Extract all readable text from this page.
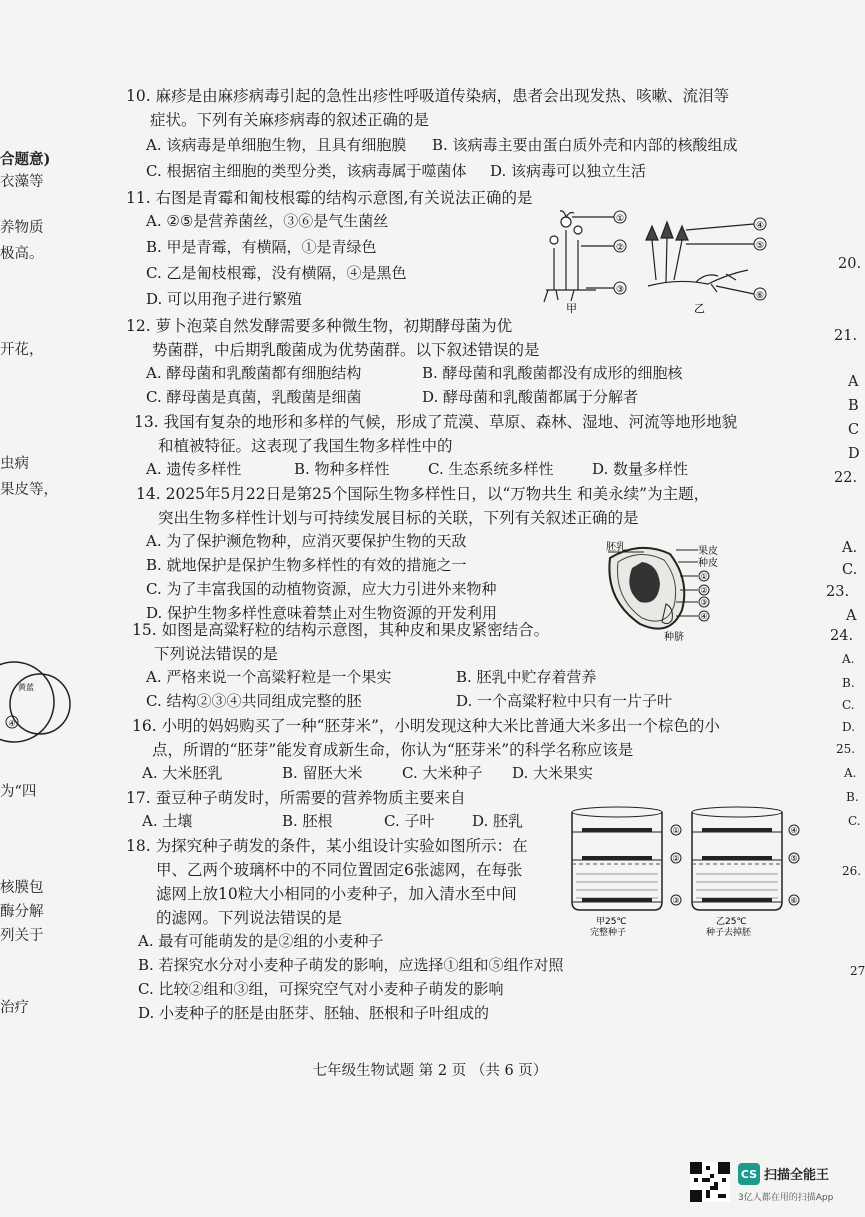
10. 麻疹是由麻疹病毒引起的急性出疹性呼吸道传染病，患者会出现发热、咳嗽、流泪等
症状。下列有关麻疹病毒的叙述正确的是
A. 该病毒是单细胞生物，且具有细胞膜 B. 该病毒主要由蛋白质外壳和内部的核酸组成
C. 根据宿主细胞的类型分类，该病毒属于噬菌体 D. 该病毒可以独立生活
11. 右图是青霉和匍枝根霉的结构示意图,有关说法正确的是
A. ②⑤是营养菌丝，③⑥是气生菌丝
B. 甲是青霉，有横隔，①是青绿色
C. 乙是匍枝根霉，没有横隔，④是黑色
D. 可以用孢子进行繁殖
①
②
③
甲
④
⑤
⑥
乙
12. 萝卜泡菜自然发酵需要多种微生物，初期酵母菌为优
势菌群，中后期乳酸菌成为优势菌群。以下叙述错误的是
A. 酵母菌和乳酸菌都有细胞结构	B. 酵母菌和乳酸菌都没有成形的细胞核
C. 酵母菌是真菌，乳酸菌是细菌	D. 酵母菌和乳酸菌都属于分解者
13. 我国有复杂的地形和多样的气候，形成了荒漠、草原、森林、湿地、河流等地形地貌
和植被特征。这表现了我国生物多样性中的
A. 遗传多样性	B. 物种多样性	C. 生态系统多样性	D. 数量多样性
14. 2025年5月22日是第25个国际生物多样性日，以“万物共生 和美永续”为主题，
突出生物多样性计划与可持续发展目标的关联，下列有关叙述正确的是
A. 为了保护濒危物种，应消灭要保护生物的天敌
B. 就地保护是保护生物多样性的有效的措施之一
C. 为了丰富我国的动植物资源，应大力引进外来物种
D. 保护生物多样性意味着禁止对生物资源的开发利用
胚乳	果皮
种皮
①
②
③
④
种脐
15. 如图是高粱籽粒的结构示意图，其种皮和果皮紧密结合。
下列说法错误的是
A. 严格来说一个高粱籽粒是一个果实	B. 胚乳中贮存着营养
C. 结构②③④共同组成完整的胚	D. 一个高粱籽粒中只有一片子叶
16. 小明的妈妈购买了一种“胚芽米”，小明发现这种大米比普通大米多出一个棕色的小
点，所谓的“胚芽”能发育成新生命，你认为“胚芽米”的科学名称应该是
A. 大米胚乳	B. 留胚大米	C. 大米种子 D. 大米果实
17. 蚕豆种子萌发时，所需要的营养物质主要来自
A. 土壤	B. 胚根	C. 子叶	D. 胚乳
①
②
③
甲25℃
完整种子
④
⑤
⑥
乙25℃
种子去掉胚
18. 为探究种子萌发的条件，某小组设计实验如图所示：在
甲、乙两个玻璃杯中的不同位置固定6张滤网，在每张
滤网上放10粒大小相同的小麦种子，加入清水至中间
的滤网。下列说法错误的是
A. 最有可能萌发的是②组的小麦种子
B. 若探究水分对小麦种子萌发的影响，应选择①组和⑤组作对照
C. 比较②组和③组，可探究空气对小麦种子萌发的影响
D. 小麦种子的胚是由胚芽、胚轴、胚根和子叶组成的
合题意)
衣藻等
养物质
极高。
开花，
虫病
果皮等，
④
黄蓝
为“四
核膜包
酶分解
列关于
治疗
20.
21.
A
B
C
D
22.
A.
C.
23.
A
24.
A.
B.
C.
D.
25.
A.
B.
C.
26.
27
七年级生物试题 第 2 页 （共 6 页）
CS 扫描全能王
3亿人都在用的扫描App
